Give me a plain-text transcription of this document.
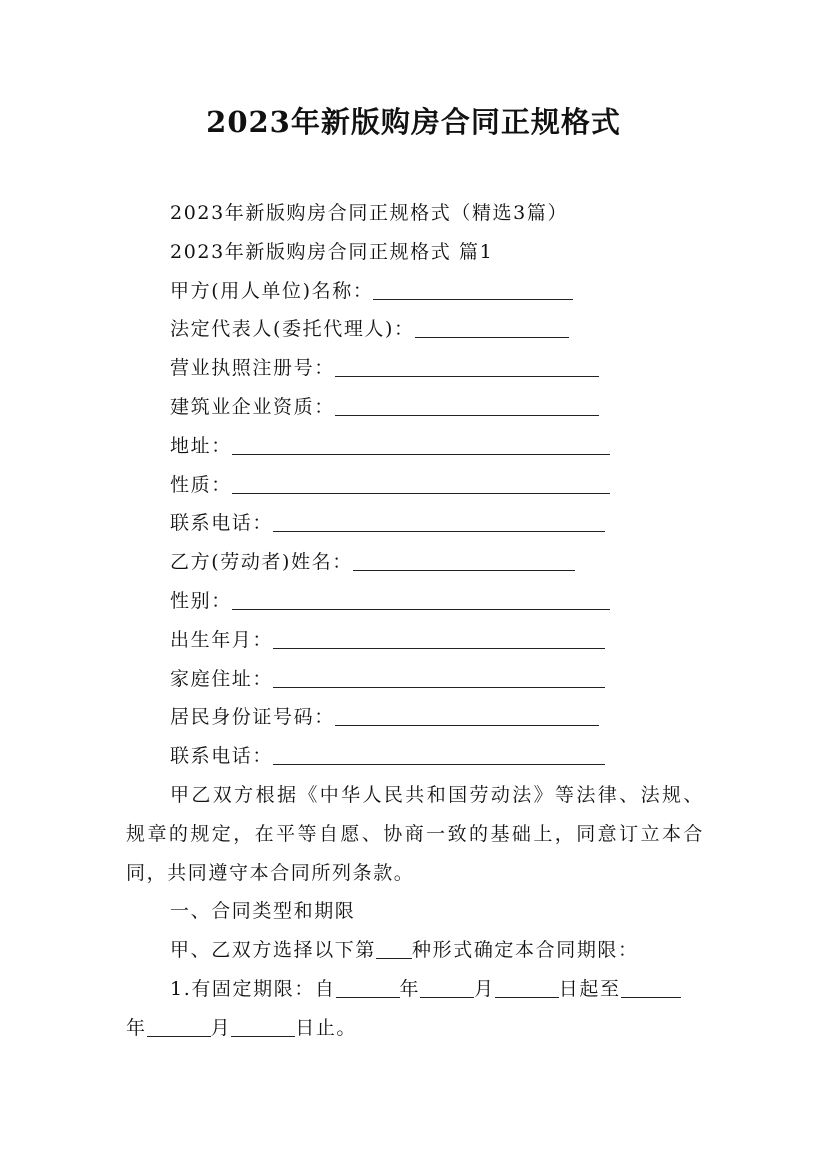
2023年新版购房合同正规格式
2023年新版购房合同正规格式（精选3篇）
2023年新版购房合同正规格式 篇1
甲方(用人单位)名称：
法定代表人(委托代理人)：
营业执照注册号：
建筑业企业资质：
地址：
性质：
联系电话：
乙方(劳动者)姓名：
性别：
出生年月：
家庭住址：
居民身份证号码：
联系电话：
甲乙双方根据《中华人民共和国劳动法》等法律、法规、规章的规定，在平等自愿、协商一致的基础上，同意订立本合同，共同遵守本合同所列条款。
一、合同类型和期限
甲、乙双方选择以下第 种形式确定本合同期限：
1.有固定期限：自	年	月	日起至
年	月	日止。
